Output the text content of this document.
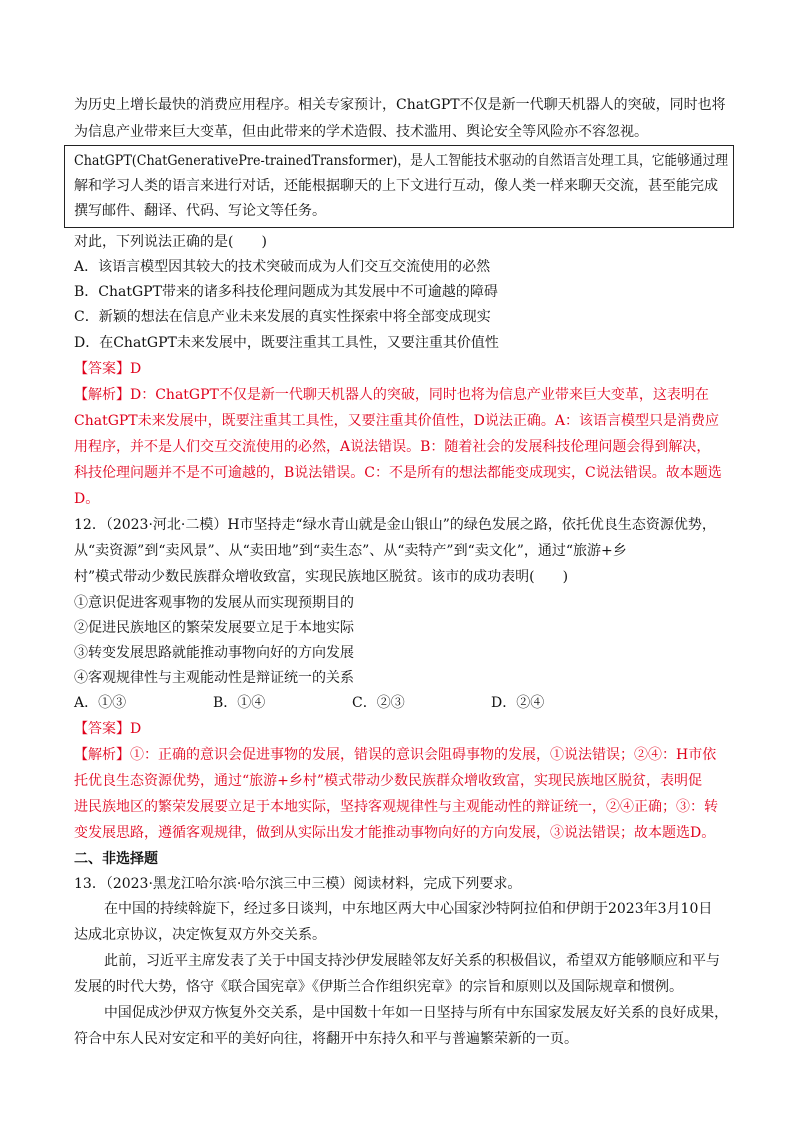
为历史上增长最快的消费应用程序。相关专家预计，ChatGPT不仅是新一代聊天机器人的突破，同时也将
为信息产业带来巨大变革，但由此带来的学术造假、技术滥用、舆论安全等风险亦不容忽视。
ChatGPT(ChatGenerativePre-trainedTransformer)，是人工智能技术驱动的自然语言处理工具，它能够通过理
解和学习人类的语言来进行对话，还能根据聊天的上下文进行互动，像人类一样来聊天交流，甚至能完成
撰写邮件、翻译、代码、写论文等任务。
对此，下列说法正确的是(　　)
A．该语言模型因其较大的技术突破而成为人们交互交流使用的必然
B．ChatGPT带来的诸多科技伦理问题成为其发展中不可逾越的障碍
C．新颖的想法在信息产业未来发展的真实性探索中将全部变成现实
D．在ChatGPT未来发展中，既要注重其工具性，又要注重其价值性
【答案】D
【解析】D：ChatGPT不仅是新一代聊天机器人的突破，同时也将为信息产业带来巨大变革，这表明在
ChatGPT未来发展中，既要注重其工具性，又要注重其价值性，D说法正确。A：该语言模型只是消费应
用程序，并不是人们交互交流使用的必然，A说法错误。B：随着社会的发展科技伦理问题会得到解决，
科技伦理问题并不是不可逾越的，B说法错误。C：不是所有的想法都能变成现实，C说法错误。故本题选
D。
12．（2023·河北·二模）H市坚持走“绿水青山就是金山银山”的绿色发展之路，依托优良生态资源优势，
从“卖资源”到“卖风景”、从“卖田地”到“卖生态”、从“卖特产”到“卖文化”，通过“旅游+乡
村”模式带动少数民族群众增收致富，实现民族地区脱贫。该市的成功表明(　　)
①意识促进客观事物的发展从而实现预期目的
②促进民族地区的繁荣发展要立足于本地实际
③转变发展思路就能推动事物向好的方向发展
④客观规律性与主观能动性是辩证统一的关系
A．①③	B．①④	C．②③	D．②④
【答案】D
【解析】①：正确的意识会促进事物的发展，错误的意识会阻碍事物的发展，①说法错误；②④：H市依
托优良生态资源优势，通过“旅游+乡村”模式带动少数民族群众增收致富，实现民族地区脱贫，表明促
进民族地区的繁荣发展要立足于本地实际，坚持客观规律性与主观能动性的辩证统一，②④正确；③：转
变发展思路，遵循客观规律，做到从实际出发才能推动事物向好的方向发展，③说法错误；故本题选D。
二、非选择题
13．（2023·黑龙江哈尔滨·哈尔滨三中三模）阅读材料，完成下列要求。
在中国的持续斡旋下，经过多日谈判，中东地区两大中心国家沙特阿拉伯和伊朗于2023年3月10日
达成北京协议，决定恢复双方外交关系。
此前，习近平主席发表了关于中国支持沙伊发展睦邻友好关系的积极倡议，希望双方能够顺应和平与
发展的时代大势，恪守《联合国宪章》《伊斯兰合作组织宪章》的宗旨和原则以及国际规章和惯例。
中国促成沙伊双方恢复外交关系，是中国数十年如一日坚持与所有中东国家发展友好关系的良好成果，
符合中东人民对安定和平的美好向往，将翻开中东持久和平与普遍繁荣新的一页。
